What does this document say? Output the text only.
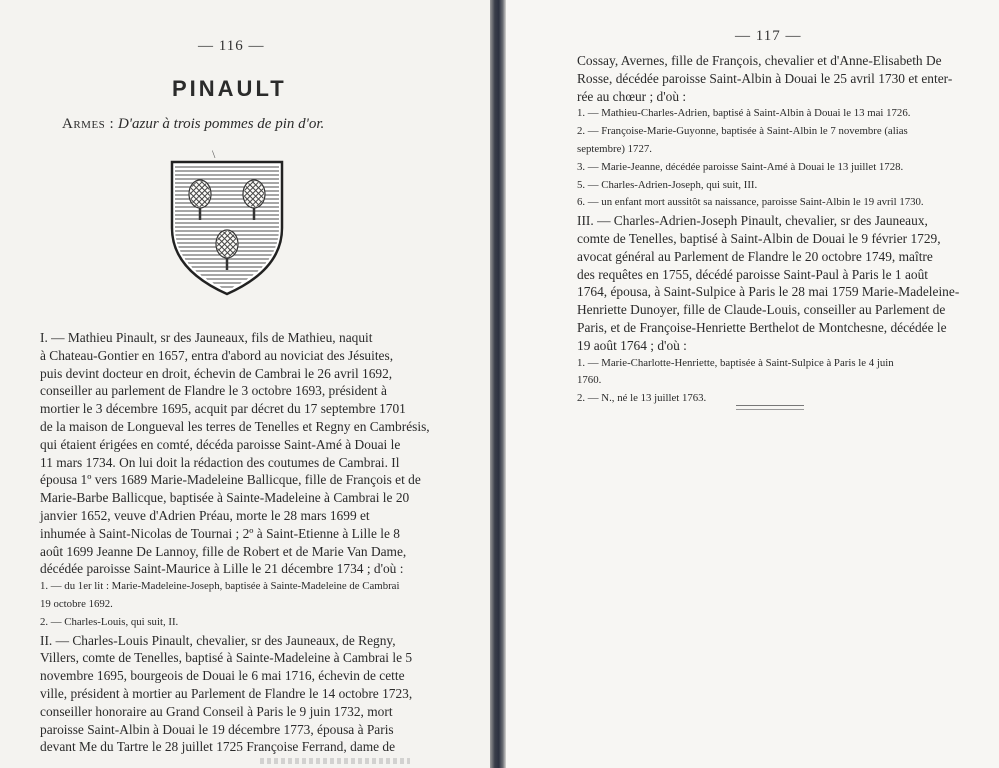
— 116 —
PINAULT
Armes : D'azur à trois pommes de pin d'or.
\
I. — Mathieu Pinault, sr des Jauneaux, fils de Mathieu, naquit
à Chateau-Gontier en 1657, entra d'abord au noviciat des Jésuites,
puis devint docteur en droit, échevin de Cambrai le 26 avril 1692,
conseiller au parlement de Flandre le 3 octobre 1693, président à
mortier le 3 décembre 1695, acquit par décret du 17 septembre 1701
de la maison de Longueval les terres de Tenelles et Regny en Cambrésis,
qui étaient érigées en comté, décéda paroisse Saint-Amé à Douai le
11 mars 1734. On lui doit la rédaction des coutumes de Cambrai. Il
épousa 1º vers 1689 Marie-Madeleine Ballicque, fille de François et de
Marie-Barbe Ballicque, baptisée à Sainte-Madeleine à Cambrai le 20
janvier 1652, veuve d'Adrien Préau, morte le 28 mars 1699 et
inhumée à Saint-Nicolas de Tournai ; 2º à Saint-Etienne à Lille le 8
août 1699 Jeanne De Lannoy, fille de Robert et de Marie Van Dame,
décédée paroisse Saint-Maurice à Lille le 21 décembre 1734 ; d'où :
1. — du 1er lit : Marie-Madeleine-Joseph, baptisée à Sainte-Madeleine de Cambrai
19 octobre 1692.
2. — Charles-Louis, qui suit, II.
II. — Charles-Louis Pinault, chevalier, sr des Jauneaux, de Regny,
Villers, comte de Tenelles, baptisé à Sainte-Madeleine à Cambrai le 5
novembre 1695, bourgeois de Douai le 6 mai 1716, échevin de cette
ville, président à mortier au Parlement de Flandre le 14 octobre 1723,
conseiller honoraire au Grand Conseil à Paris le 9 juin 1732, mort
paroisse Saint-Albin à Douai le 19 décembre 1773, épousa à Paris
devant Me du Tartre le 28 juillet 1725 Françoise Ferrand, dame de
— 117 —
Cossay, Avernes, fille de François, chevalier et d'Anne-Elisabeth De
Rosse, décédée paroisse Saint-Albin à Douai le 25 avril 1730 et enter-
rée au chœur ; d'où :
1. — Mathieu-Charles-Adrien, baptisé à Saint-Albin à Douai le 13 mai 1726.
2. — Françoise-Marie-Guyonne, baptisée à Saint-Albin le 7 novembre (alias
septembre) 1727.
3. — Marie-Jeanne, décédée paroisse Saint-Amé à Douai le 13 juillet 1728.
5. — Charles-Adrien-Joseph, qui suit, III.
6. — un enfant mort aussitôt sa naissance, paroisse Saint-Albin le 19 avril 1730.
III. — Charles-Adrien-Joseph Pinault, chevalier, sr des Jauneaux,
comte de Tenelles, baptisé à Saint-Albin de Douai le 9 février 1729,
avocat général au Parlement de Flandre le 20 octobre 1749, maître
des requêtes en 1755, décédé paroisse Saint-Paul à Paris le 1 août
1764, épousa, à Saint-Sulpice à Paris le 28 mai 1759 Marie-Madeleine-
Henriette Dunoyer, fille de Claude-Louis, conseiller au Parlement de
Paris, et de Françoise-Henriette Berthelot de Montchesne, décédée le
19 août 1764 ; d'où :
1. — Marie-Charlotte-Henriette, baptisée à Saint-Sulpice à Paris le 4 juin
1760.
2. — N., né le 13 juillet 1763.
